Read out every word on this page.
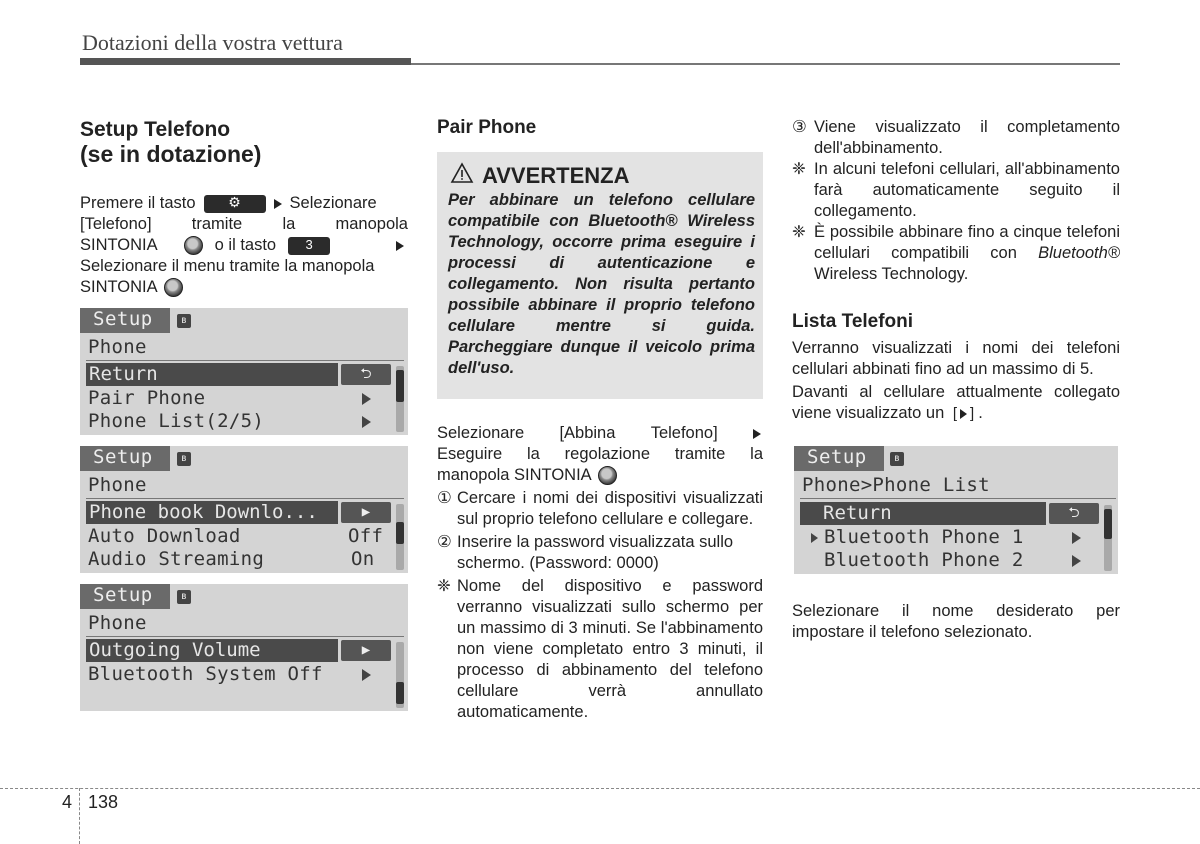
Dotazioni della vostra vettura
Setup Telefono
(se in dotazione)
Premere il tasto	⚙	Selezionare
[Telefono] tramite la manopola
SINTONIA	o il tasto	3
Selezionare il menu tramite la manopola
SINTONIA
Setup	ʙ
Phone
Return	⮌
Pair Phone
Phone List(2/5)
Setup	ʙ
Phone
Phone book Downlo...	▶
Auto Download	Off
Audio Streaming	On
Setup	ʙ
Phone
Outgoing Volume	▶
Bluetooth System Off
Pair Phone
AVVERTENZA
Per abbinare un telefono cellulare compatibile con Bluetooth® Wireless Technology, occorre prima eseguire i processi di autenticazione e collegamento. Non risulta pertanto possibile abbinare il proprio telefono cellulare mentre si guida. Parcheggiare dunque il veicolo prima dell'uso.
Selezionare [Abbina Telefono]
Eseguire la regolazione tramite la
manopola SINTONIA
① Cercare i nomi dei dispositivi visualizzati sul proprio telefono cellulare e collegare.
② Inserire la password visualizzata sullo schermo. (Password: 0000)
❈ Nome del dispositivo e password verranno visualizzati sullo schermo per un massimo di 3 minuti. Se l'abbinamento non viene completato entro 3 minuti, il processo di abbinamento del telefono cellulare verrà annullato automaticamente.
③ Viene visualizzato il completamento dell'abbinamento.
❈ In alcuni telefoni cellulari, all'abbinamento farà automaticamente seguito il collegamento.
❈ È possibile abbinare fino a cinque telefoni cellulari compatibili con Bluetooth® Wireless Technology.
Lista Telefoni
Verranno visualizzati i nomi dei telefoni cellulari abbinati fino ad un massimo di 5.
Davanti al cellulare attualmente collegato viene visualizzato un [ ] .
Setup	ʙ
Phone>Phone List
Return	⮌
Bluetooth Phone 1
Bluetooth Phone 2
Selezionare il nome desiderato per impostare il telefono selezionato.
4 138
